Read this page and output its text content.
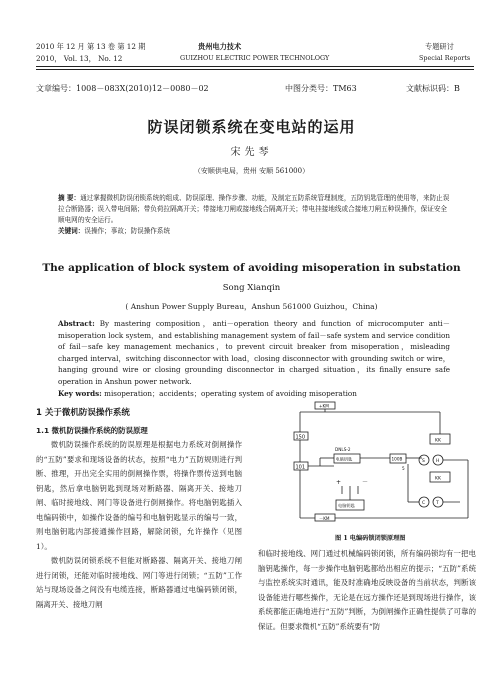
2010 年 12 月 第 13 卷 第 12 期
2010， Vol. 13， No. 12
贵州电力技术
GUIZHOU ELECTRIC POWER TECHNOLOGY
专题研讨
Special Reports
文章编号：1008－083X(2010)12－0080－02	中图分类号：TM63	文献标识码：B
防误闭锁系统在变电站的运用
宋先琴
（安顺供电局，贵州 安顺 561000）
摘 要：通过掌握微机防误闭锁系统的组成、防误原理、操作步骤、功能，及制定五防系统管理制度，五防钥匙管理的使用等，来防止误拉合断路器；误入带电间隔；带负荷拉隔离开关；带接地刀闸或接地线合隔离开关；带电挂接地线或合接地刀闸五种误操作，保证安全顺电网的安全运行。
关键词：误操作；事故；防误操作系统
The application of block system of avoiding misoperation in substation
Song Xianqin
( Anshun Power Supply Bureau，Anshun 561000 Guizhou，China)
Abstract: By mastering composition，anti－operation theory and function of microcomputer anti－misoperation lock system，and establishing management system of fail－safe system and service condition of fail－safe key management mechanics，to prevent circuit breaker from misoperation，misleading charged interval，switching disconnector with load，closing disconnector with grounding switch or wire，hanging ground wire or closing grounding disconnector in charged situation，its finally ensure safe operation in Anshun power network.
Key words: misoperation；accidents；operating system of avoiding misoperation
1 关于微机防误操作系统
1.1 微机防误操作系统的防误原理

微机防误操作系统的防误原理是根据电力系统对倒闸操作的“五防”要求和现场设备的状态，按照“电力”五防规则进行判断、推理，开出完全实用的倒闸操作票，将操作票传送到电脑钥匙，然后拿电脑钥匙到现场对断路器、隔离开关、接地刀闸、临时接地线、网门等设备进行倒闸操作。将电脑钥匙插入电编码锁中，如操作设备的编号和电脑钥匙显示的编号一致，则电脑钥匙内部接通操作回路，解除闭锁，允许操作（见图 1）。

微机防误闭锁系统不但能对断路器、隔离开关、接地刀闸进行闭锁，还能对临时接地线、网门等进行闭锁；“五防”工作站与现场设备之间没有电缆连接，断路器通过电编码锁闭锁，隔离开关、接地刀闸

+KM
150
101
DNLS-2
电脑钥匙
电脑钥匙
100B
KK
S H
KK
C T
+	－
5
－KM
图 1 电编码锁闭锁原理图

和临时接地线、网门通过机械编码锁闭锁，所有编码锁均有一把电脑钥匙操作，每一步操作电脑钥匙都给出相应的提示；“五防”系统与监控系统实时通讯，能及时准确地反映设备的当前状态，判断该设备能进行哪些操作，无论是在远方操作还是到现场进行操作，该系统都能正确地进行“五防”判断，为倒闸操作正确性提供了可靠的保证。但要求微机“五防”系统要有“防
